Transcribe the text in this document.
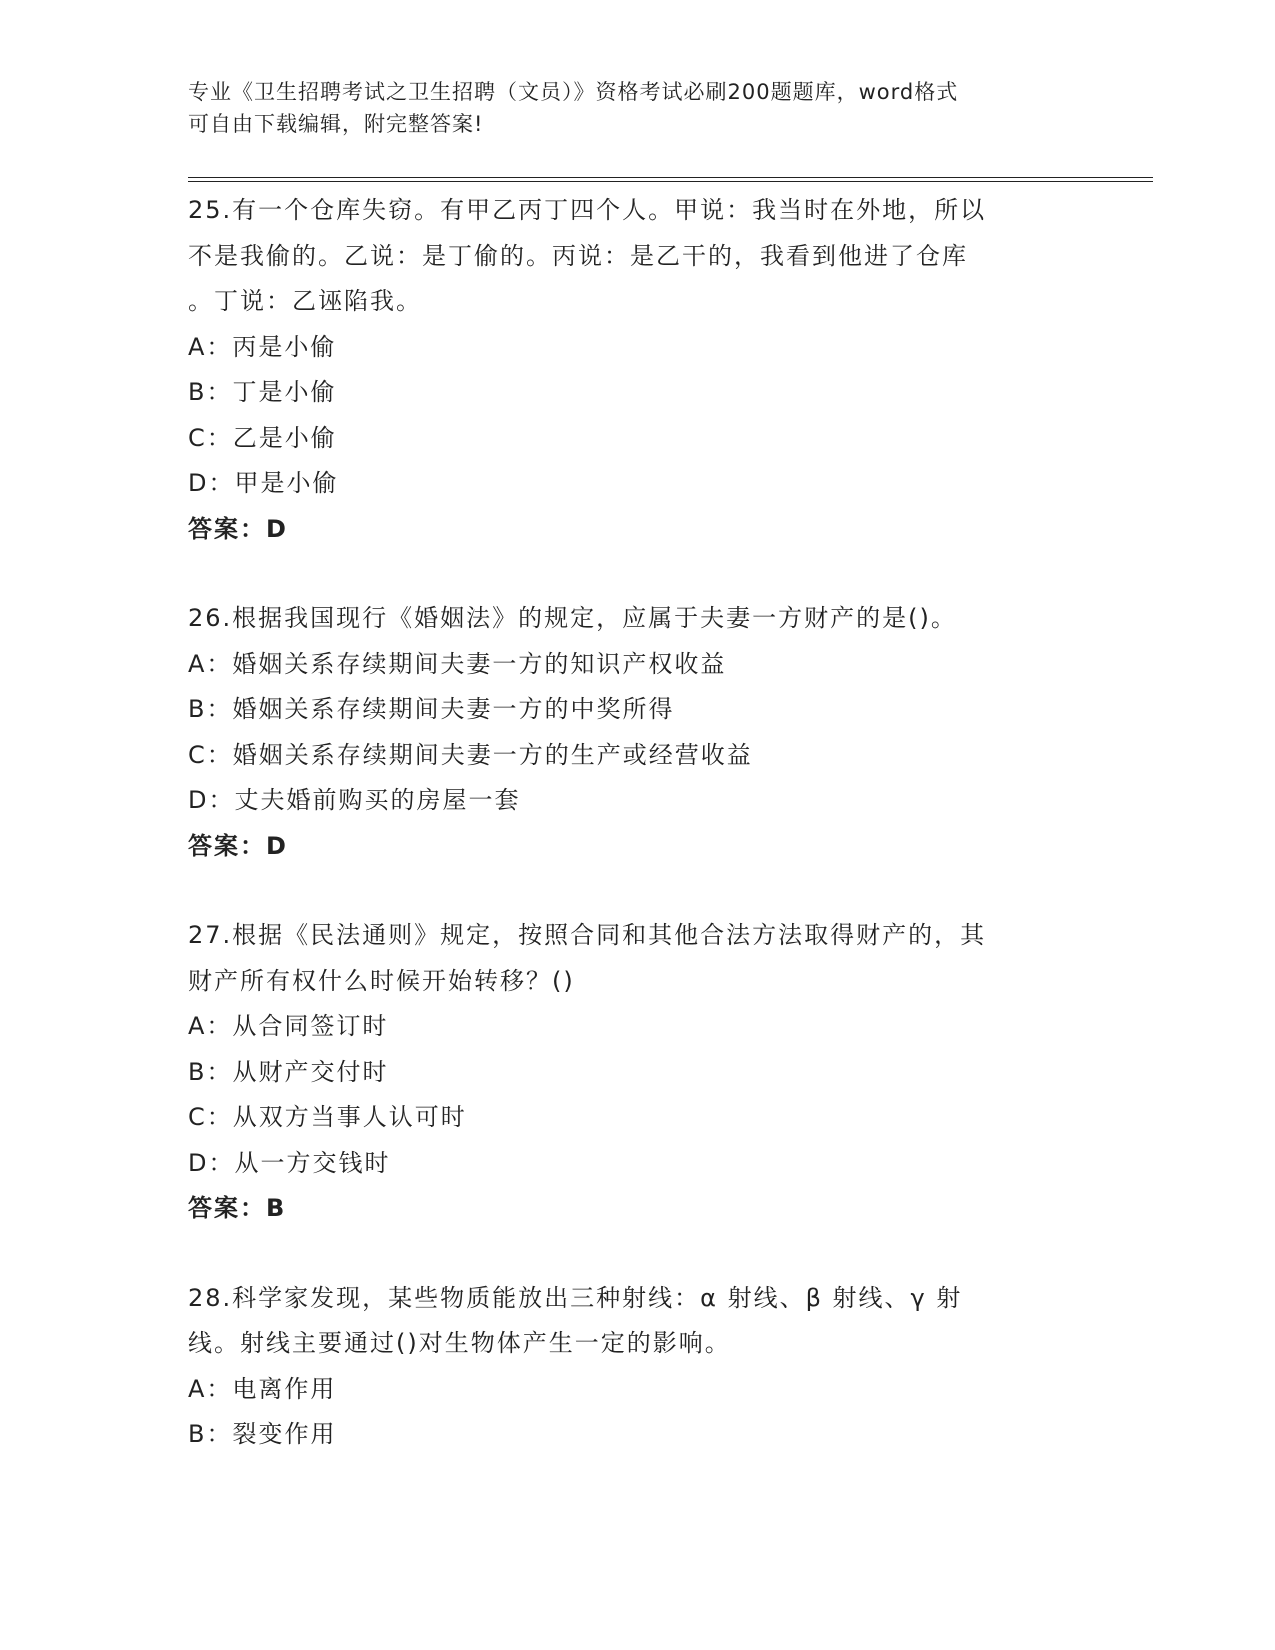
专业《卫生招聘考试之卫生招聘（文员）》资格考试必刷200题题库，word格式
可自由下载编辑，附完整答案!

25.有一个仓库失窃。有甲乙丙丁四个人。甲说：我当时在外地，所以
不是我偷的。乙说：是丁偷的。丙说：是乙干的，我看到他进了仓库
。丁说：乙诬陷我。

A：丙是小偷
B：丁是小偷
C：乙是小偷
D：甲是小偷
答案：D

26.根据我国现行《婚姻法》的规定，应属于夫妻一方财产的是()。

A：婚姻关系存续期间夫妻一方的知识产权收益
B：婚姻关系存续期间夫妻一方的中奖所得
C：婚姻关系存续期间夫妻一方的生产或经营收益
D：丈夫婚前购买的房屋一套
答案：D

27.根据《民法通则》规定，按照合同和其他合法方法取得财产的，其
财产所有权什么时候开始转移？()

A：从合同签订时
B：从财产交付时
C：从双方当事人认可时
D：从一方交钱时
答案：B

28.科学家发现，某些物质能放出三种射线：α 射线、β 射线、γ 射
线。射线主要通过()对生物体产生一定的影响。

A：电离作用
B：裂变作用
